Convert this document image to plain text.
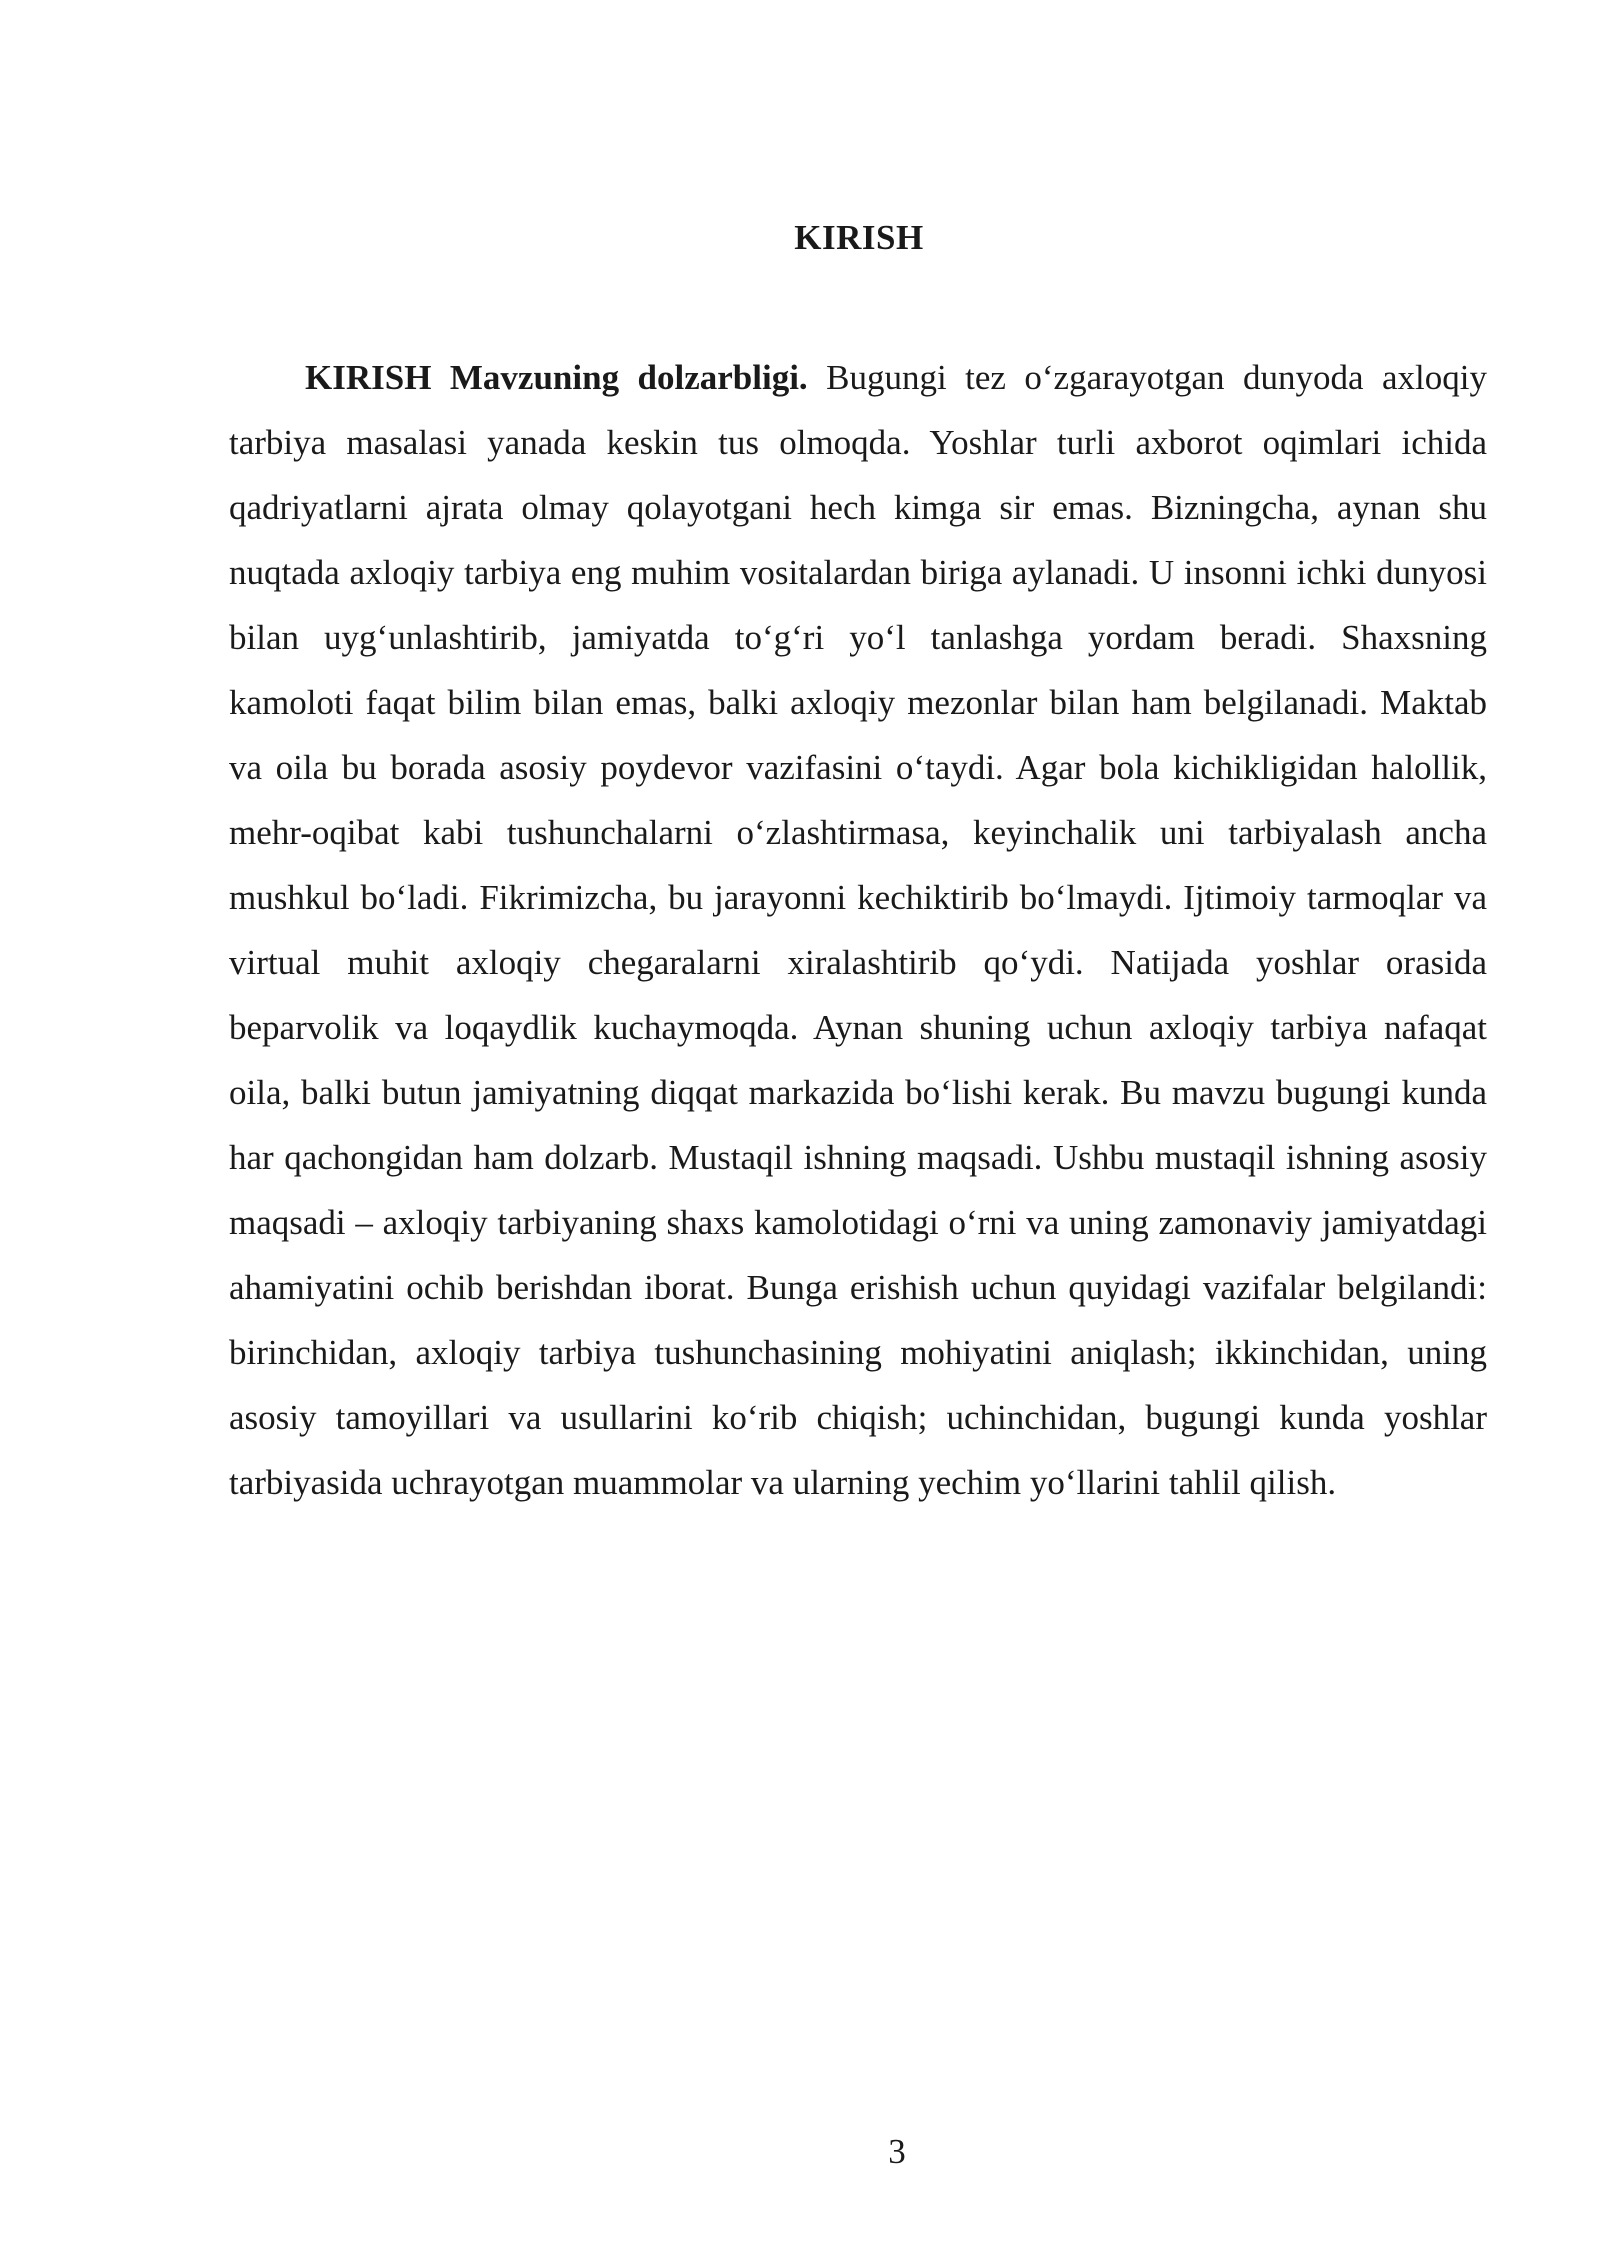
KIRISH

KIRISH Mavzuning dolzarbligi. Bugungi tez o‘zgarayotgan dunyoda axloqiy tarbiya masalasi yanada keskin tus olmoqda. Yoshlar turli axborot oqimlari ichida qadriyatlarni ajrata olmay qolayotgani hech kimga sir emas. Bizningcha, aynan shu nuqtada axloqiy tarbiya eng muhim vositalardan biriga aylanadi. U insonni ichki dunyosi bilan uyg‘unlashtirib, jamiyatda to‘g‘ri yo‘l tanlashga yordam beradi. Shaxsning kamoloti faqat bilim bilan emas, balki axloqiy mezonlar bilan ham belgilanadi. Maktab va oila bu borada asosiy poydevor vazifasini o‘taydi. Agar bola kichikligidan halollik, mehr-oqibat kabi tushunchalarni o‘zlashtirmasa, keyinchalik uni tarbiyalash ancha mushkul bo‘ladi. Fikrimizcha, bu jarayonni kechiktirib bo‘lmaydi. Ijtimoiy tarmoqlar va virtual muhit axloqiy chegaralarni xiralashtirib qo‘ydi. Natijada yoshlar orasida beparvolik va loqaydlik kuchaymoqda. Aynan shuning uchun axloqiy tarbiya nafaqat oila, balki butun jamiyatning diqqat markazida bo‘lishi kerak. Bu mavzu bugungi kunda har qachongidan ham dolzarb. Mustaqil ishning maqsadi. Ushbu mustaqil ishning asosiy maqsadi – axloqiy tarbiyaning shaxs kamolotidagi o‘rni va uning zamonaviy jamiyatdagi ahamiyatini ochib berishdan iborat. Bunga erishish uchun quyidagi vazifalar belgilandi: birinchidan, axloqiy tarbiya tushunchasining mohiyatini aniqlash; ikkinchidan, uning asosiy tamoyillari va usullarini ko‘rib chiqish; uchinchidan, bugungi kunda yoshlar tarbiyasida uchrayotgan muammolar va ularning yechim yo‘llarini tahlil qilish.

3
